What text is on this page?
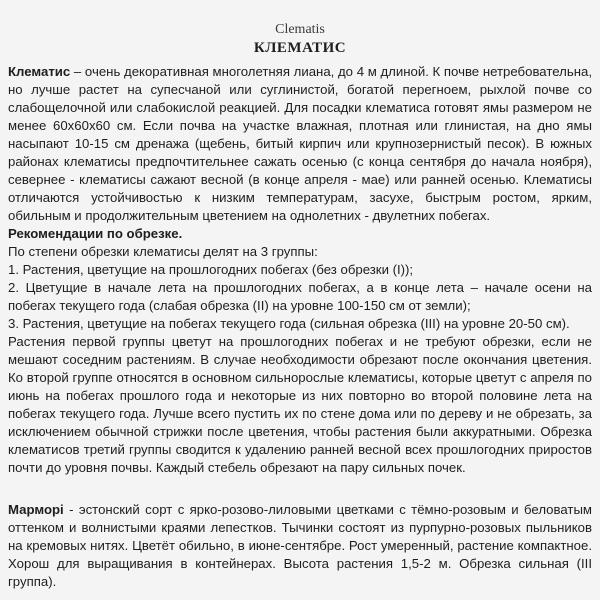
Clematis
КЛЕМАТИС

Клематис – очень декоративная многолетняя лиана, до 4 м длиной. К почве нетребовательна, но лучше растет на супесчаной или суглинистой, богатой перегноем, рыхлой почве со слабощелочной или слабокислой реакцией. Для посадки клематиса готовят ямы размером не менее 60х60х60 см. Если почва на участке влажная, плотная или глинистая, на дно ямы насыпают 10-15 см дренажа (щебень, битый кирпич или крупнозернистый песок). В южных районах клематисы предпочтительнее сажать осенью (с конца сентября до начала ноября), севернее - клематисы сажают весной (в конце апреля - мае) или ранней осенью. Клематисы отличаются устойчивостью к низким температурам, засухе, быстрым ростом, ярким, обильным и продолжительным цветением на однолетних - двулетних побегах.

Рекомендации по обрезке.

По степени обрезки клематисы делят на 3 группы:

1. Растения, цветущие на прошлогодних побегах (без обрезки (I));

2. Цветущие в начале лета на прошлогодних побегах, а в конце лета – начале осени на побегах текущего года (слабая обрезка (II) на уровне 100-150 см от земли);

3. Растения, цветущие на побегах текущего года (сильная обрезка (III) на уровне 20-50 см).

Растения первой группы цветут на прошлогодних побегах и не требуют обрезки, если не мешают соседним растениям. В случае необходимости обрезают после окончания цветения. Ко второй группе относятся в основном сильнорослые клематисы, которые цветут с апреля по июнь на побегах прошлого года и некоторые из них повторно во второй половине лета на побегах текущего года. Лучше всего пустить их по стене дома или по дереву и не обрезать, за исключением обычной стрижки после цветения, чтобы растения были аккуратными. Обрезка клематисов третий группы сводится к удалению ранней весной всех прошлогодних приростов почти до уровня почвы. Каждый стебель обрезают на пару сильных почек.

Марморi - эстонский сорт с ярко-розово-лиловыми цветками с тёмно-розовым и беловатым оттенком и волнистыми краями лепестков. Тычинки состоят из пурпурно-розовых пыльников на кремовых нитях. Цветёт обильно, в июне-сентябре. Рост умеренный, растение компактное. Хорош для выращивания в контейнерах. Высота растения 1,5-2 м. Обрезка сильная (III группа).
